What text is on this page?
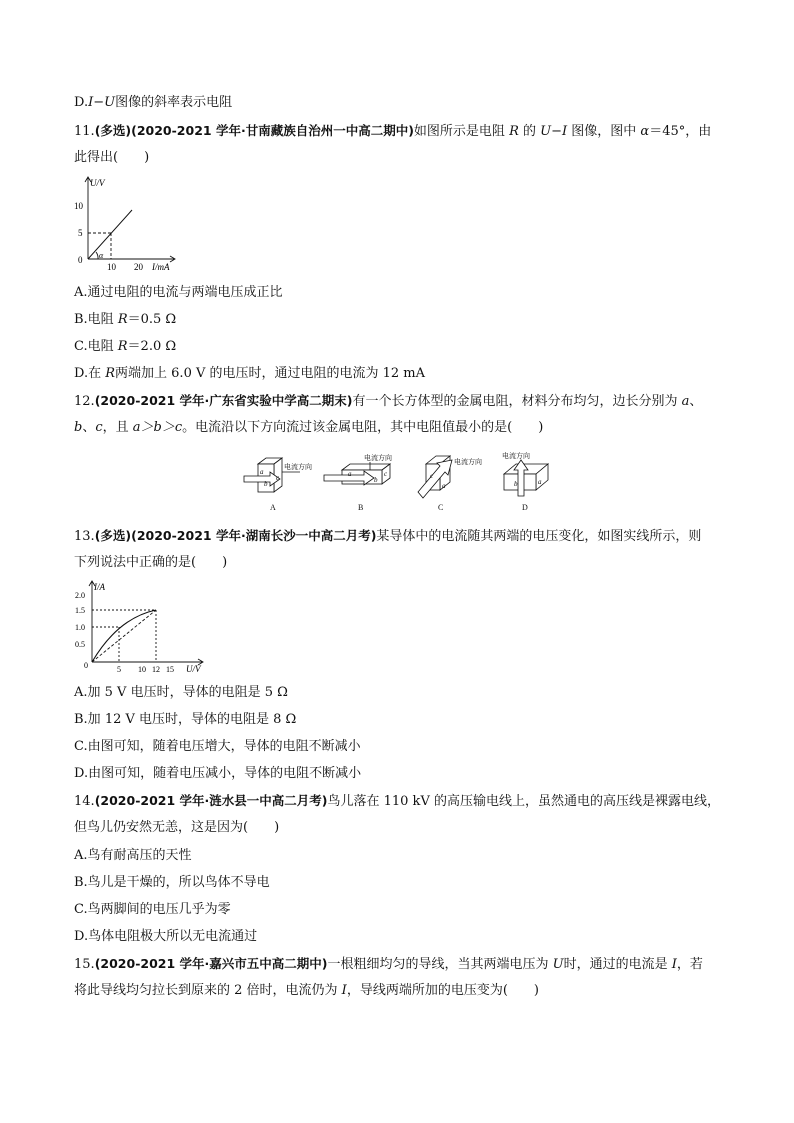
D.I−U图像的斜率表示电阻
11.(多选)(2020-2021 学年·甘南藏族自治州一中高二期中)如图所示是电阻 R 的 U−I 图像，图中 α＝45°，由
此得出(　　)
U/V
10
5
0 α
10 20 I/mA
A.通过电阻的电流与两端电压成正比
B.电阻 R＝0.5 Ω
C.电阻 R＝2.0 Ω
D.在 R两端加上 6.0 V 的电压时，通过电阻的电流为 12 mA
12.(2020-2021 学年·广东省实验中学高二期末)有一个长方体型的金属电阻，材料分布均匀，边长分别为 a、
b、c，且 a＞b＞c。电流沿以下方向流过该金属电阻，其中电阻值最小的是(　　)
a
b
c	a
b
c	c
a	b	a
电流方向
电流方向	电流方向
电流方向
A	B	C	D
13.(多选)(2020-2021 学年·湖南长沙一中高二月考)某导体中的电流随其两端的电压变化，如图实线所示，则
下列说法中正确的是(　　)
I/A
2.0
1.5
1.0
0.5
0	5 10 12 15 U/V
A.加 5 V 电压时，导体的电阻是 5 Ω
B.加 12 V 电压时，导体的电阻是 8 Ω
C.由图可知，随着电压增大，导体的电阻不断减小
D.由图可知，随着电压减小，导体的电阻不断减小
14.(2020-2021 学年·涟水县一中高二月考)鸟儿落在 110 kV 的高压输电线上，虽然通电的高压线是裸露电线，
但鸟儿仍安然无恙，这是因为(　　)
A.鸟有耐高压的天性
B.鸟儿是干燥的，所以鸟体不导电
C.鸟两脚间的电压几乎为零
D.鸟体电阻极大所以无电流通过
15.(2020-2021 学年·嘉兴市五中高二期中)一根粗细均匀的导线，当其两端电压为 U时，通过的电流是 I，若
将此导线均匀拉长到原来的 2 倍时，电流仍为 I，导线两端所加的电压变为(　　)
